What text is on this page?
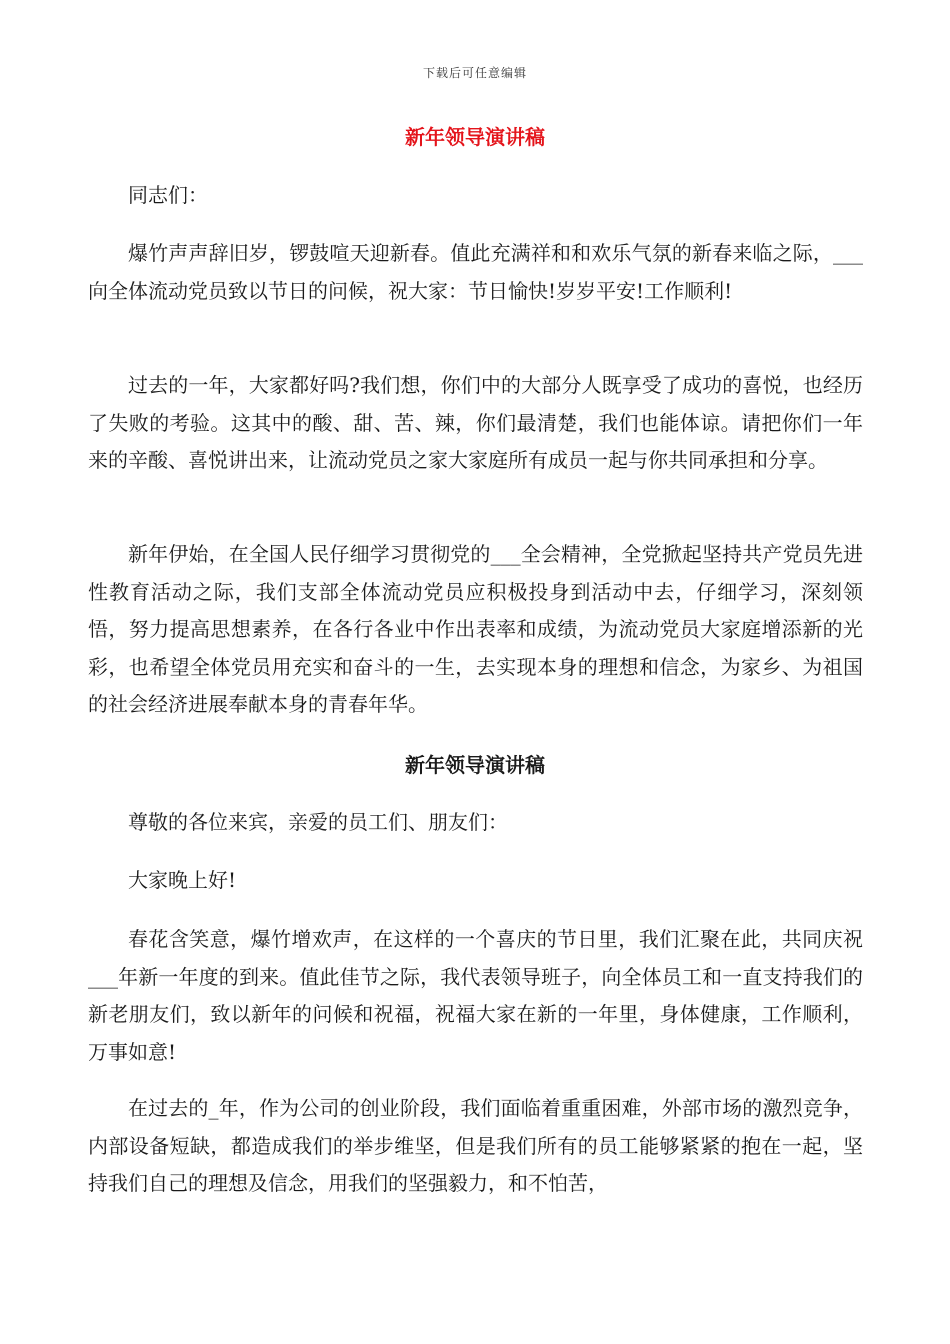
下载后可任意编辑
新年领导演讲稿

同志们：

爆竹声声辞旧岁，锣鼓喧天迎新春。值此充满祥和和欢乐气氛的新春来临之际，___向全体流动党员致以节日的问候，祝大家：节日愉快!岁岁平安!工作顺利!

过去的一年，大家都好吗?我们想，你们中的大部分人既享受了成功的喜悦，也经历了失败的考验。这其中的酸、甜、苦、辣，你们最清楚，我们也能体谅。请把你们一年来的辛酸、喜悦讲出来，让流动党员之家大家庭所有成员一起与你共同承担和分享。

新年伊始，在全国人民仔细学习贯彻党的___全会精神，全党掀起坚持共产党员先进性教育活动之际，我们支部全体流动党员应积极投身到活动中去，仔细学习，深刻领悟，努力提高思想素养，在各行各业中作出表率和成绩，为流动党员大家庭增添新的光彩，也希望全体党员用充实和奋斗的一生，去实现本身的理想和信念，为家乡、为祖国的社会经济进展奉献本身的青春年华。

新年领导演讲稿

尊敬的各位来宾，亲爱的员工们、朋友们：

大家晚上好!

春花含笑意，爆竹增欢声，在这样的一个喜庆的节日里，我们汇聚在此，共同庆祝___年新一年度的到来。值此佳节之际，我代表领导班子，向全体员工和一直支持我们的新老朋友们，致以新年的问候和祝福，祝福大家在新的一年里，身体健康，工作顺利，万事如意!

在过去的_年，作为公司的创业阶段，我们面临着重重困难，外部市场的激烈竞争，内部设备短缺，都造成我们的举步维坚，但是我们所有的员工能够紧紧的抱在一起，坚持我们自己的理想及信念，用我们的坚强毅力，和不怕苦，
